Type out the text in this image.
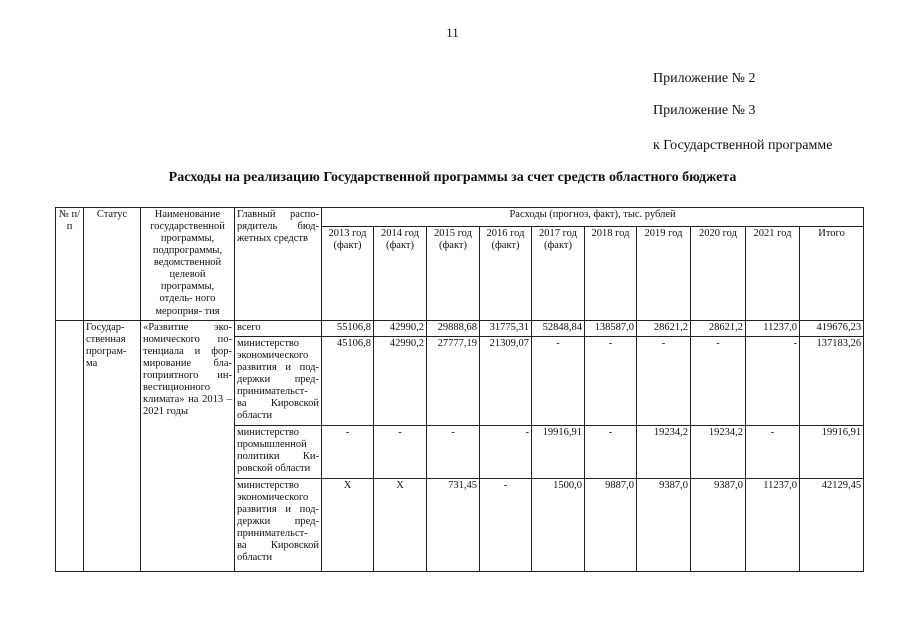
11
Приложение № 2
Приложение № 3
к Государственной программе
Расходы на реализацию Государственной программы за счет средств областного бюджета
№ п/п	Статус	Наименование государственной программы, подпрограммы, ведомственной целевой программы, отдель- ного мероприя- тия	Главный распо- рядитель бюд- жетных средств	Расходы (прогноз, факт), тыс. рублей									
				2013 год (факт)	2014 год (факт)	2015 год (факт)	2016 год (факт)	2017 год (факт)	2018 год	2019 год	2020 год	2021 год	Итого
	Государ- ственная програм- ма	«Развитие эко- номического по- тенциала и фор- мирование бла- гоприятного ин- вестиционного климата» на 2013 – 2021 годы	всего	55106,8	42990,2	29888,68	31775,31	52848,84	138587,0	28621,2	28621,2	11237,0	419676,23
			министерство экономического развития и под- держки пред- принимательст- ва Кировской области	45106,8	42990,2	27777,19	21309,07	-	-	-	-	-	137183,26
			министерство промышленной политики Ки- ровской области	-	-	-	-	19916,91	-	19234,2	19234,2	-	19916,91
			министерство экономического развития и под- держки пред- принимательст- ва Кировской области	X	X	731,45	-	1500,0	9887,0	9387,0	9387,0	11237,0	42129,45
